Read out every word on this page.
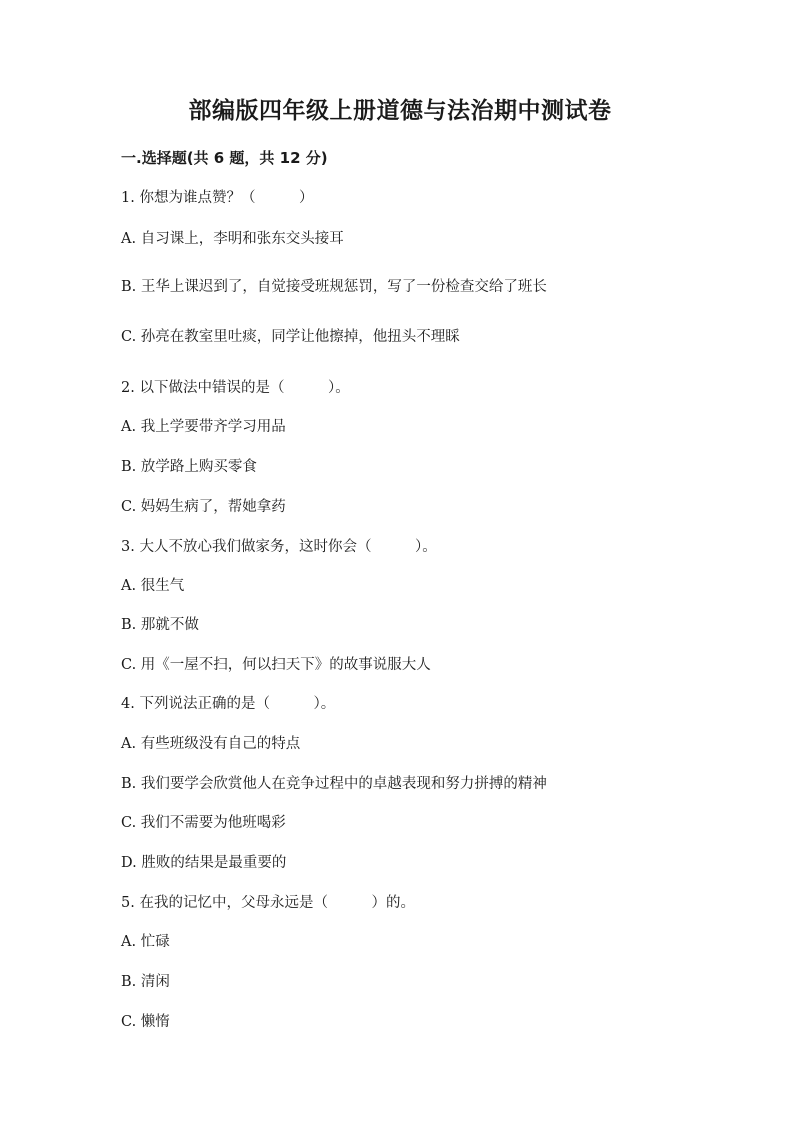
部编版四年级上册道德与法治期中测试卷
一.选择题(共 6 题，共 12 分)
1. 你想为谁点赞？（　　　）
A. 自习课上，李明和张东交头接耳
B. 王华上课迟到了，自觉接受班规惩罚，写了一份检查交给了班长
C. 孙亮在教室里吐痰，同学让他擦掉，他扭头不理睬
2. 以下做法中错误的是（　　　）。
A. 我上学要带齐学习用品
B. 放学路上购买零食
C. 妈妈生病了，帮她拿药
3. 大人不放心我们做家务，这时你会（　　　）。
A. 很生气
B. 那就不做
C. 用《一屋不扫，何以扫天下》的故事说服大人
4. 下列说法正确的是（　　　）。
A. 有些班级没有自己的特点
B. 我们要学会欣赏他人在竞争过程中的卓越表现和努力拼搏的精神
C. 我们不需要为他班喝彩
D. 胜败的结果是最重要的
5. 在我的记忆中，父母永远是（　　　）的。
A. 忙碌
B. 清闲
C. 懒惰
